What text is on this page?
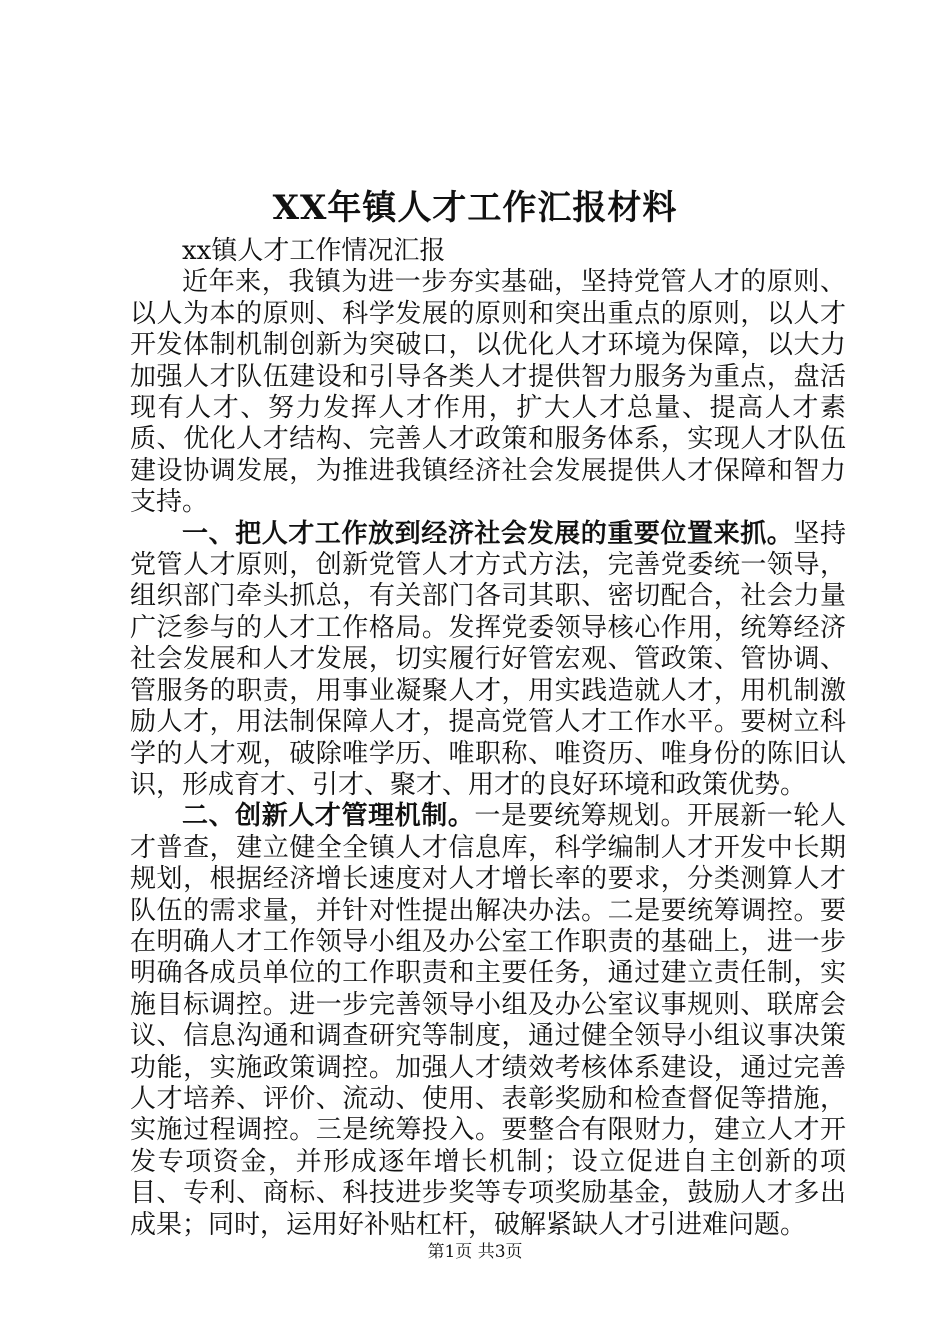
XX年镇人才工作汇报材料

xx镇人才工作情况汇报

近年来，我镇为进一步夯实基础，坚持党管人才的原则、以人为本的原则、科学发展的原则和突出重点的原则，以人才开发体制机制创新为突破口，以优化人才环境为保障，以大力加强人才队伍建设和引导各类人才提供智力服务为重点，盘活现有人才、努力发挥人才作用，扩大人才总量、提高人才素质、优化人才结构、完善人才政策和服务体系，实现人才队伍建设协调发展，为推进我镇经济社会发展提供人才保障和智力支持。

一、把人才工作放到经济社会发展的重要位置来抓。坚持党管人才原则，创新党管人才方式方法，完善党委统一领导，组织部门牵头抓总，有关部门各司其职、密切配合，社会力量广泛参与的人才工作格局。发挥党委领导核心作用，统筹经济社会发展和人才发展，切实履行好管宏观、管政策、管协调、管服务的职责，用事业凝聚人才，用实践造就人才，用机制激励人才，用法制保障人才，提高党管人才工作水平。要树立科学的人才观，破除唯学历、唯职称、唯资历、唯身份的陈旧认识，形成育才、引才、聚才、用才的良好环境和政策优势。

二、创新人才管理机制。一是要统筹规划。开展新一轮人才普查，建立健全全镇人才信息库，科学编制人才开发中长期规划，根据经济增长速度对人才增长率的要求，分类测算人才队伍的需求量，并针对性提出解决办法。二是要统筹调控。要在明确人才工作领导小组及办公室工作职责的基础上，进一步明确各成员单位的工作职责和主要任务，通过建立责任制，实施目标调控。进一步完善领导小组及办公室议事规则、联席会议、信息沟通和调查研究等制度，通过健全领导小组议事决策功能，实施政策调控。加强人才绩效考核体系建设，通过完善人才培养、评价、流动、使用、表彰奖励和检查督促等措施，实施过程调控。三是统筹投入。要整合有限财力，建立人才开发专项资金，并形成逐年增长机制；设立促进自主创新的项目、专利、商标、科技进步奖等专项奖励基金，鼓励人才多出成果；同时，运用好补贴杠杆，破解紧缺人才引进难问题。

第1页 共3页
